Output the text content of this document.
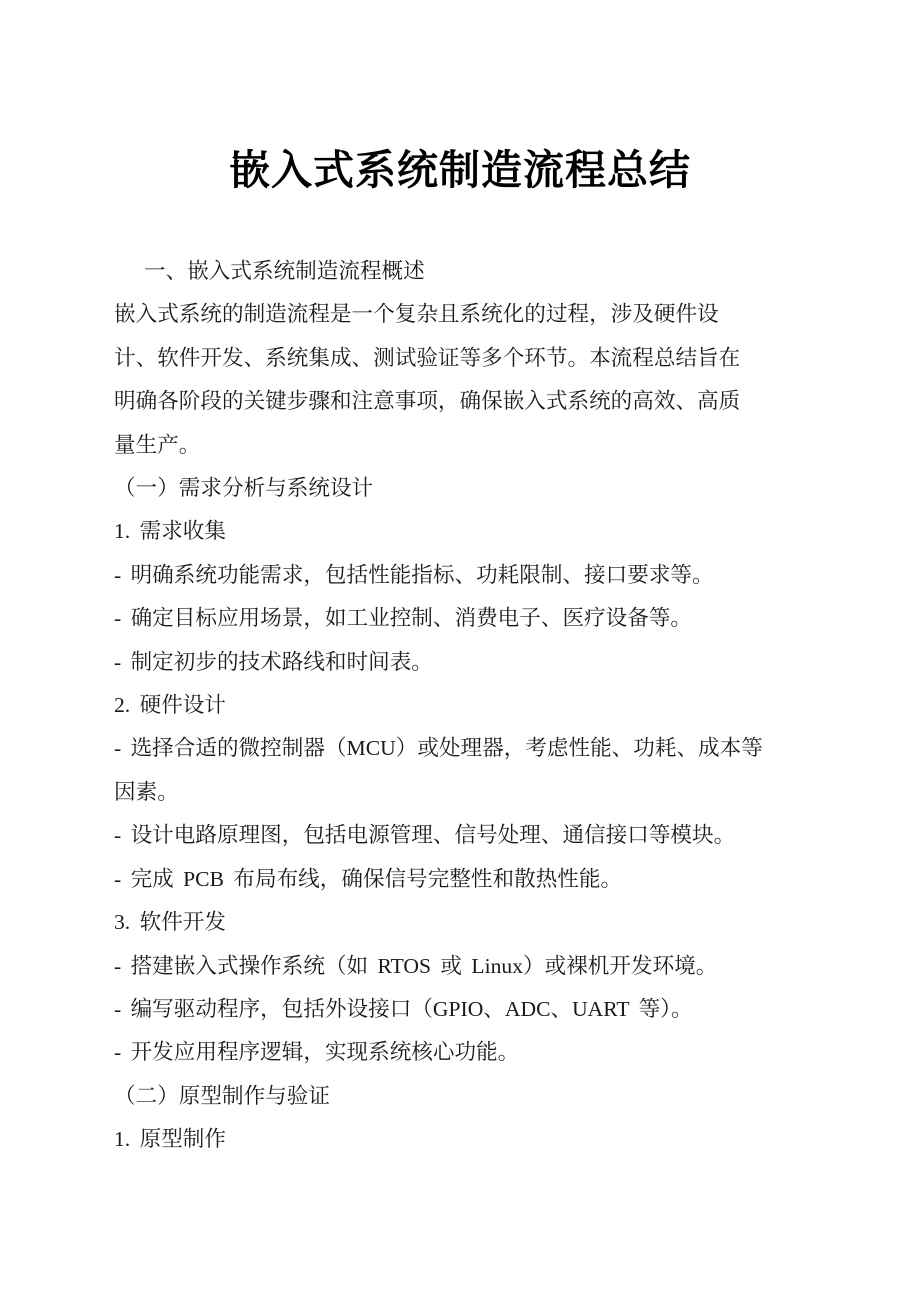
嵌入式系统制造流程总结
一、嵌入式系统制造流程概述
嵌入式系统的制造流程是一个复杂且系统化的过程，涉及硬件设
计、软件开发、系统集成、测试验证等多个环节。本流程总结旨在
明确各阶段的关键步骤和注意事项，确保嵌入式系统的高效、高质
量生产。
（一）需求分析与系统设计
1. 需求收集
- 明确系统功能需求，包括性能指标、功耗限制、接口要求等。
- 确定目标应用场景，如工业控制、消费电子、医疗设备等。
- 制定初步的技术路线和时间表。
2. 硬件设计
- 选择合适的微控制器（MCU）或处理器，考虑性能、功耗、成本等
因素。
- 设计电路原理图，包括电源管理、信号处理、通信接口等模块。
- 完成 PCB 布局布线，确保信号完整性和散热性能。
3. 软件开发
- 搭建嵌入式操作系统（如 RTOS 或 Linux）或裸机开发环境。
- 编写驱动程序，包括外设接口（GPIO、ADC、UART 等）。
- 开发应用程序逻辑，实现系统核心功能。
（二）原型制作与验证
1. 原型制作
